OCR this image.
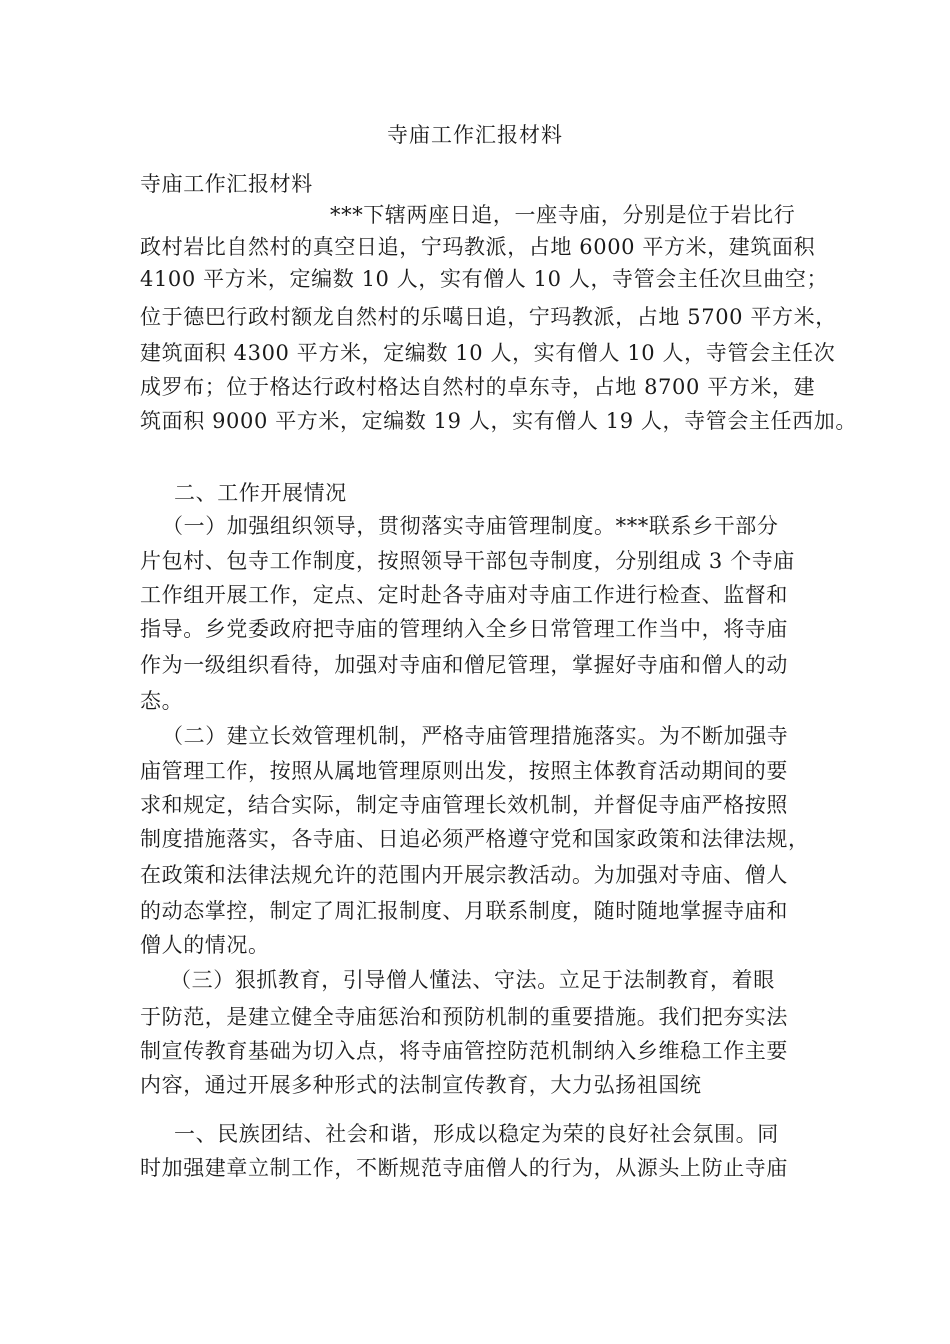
寺庙工作汇报材料
寺庙工作汇报材料
***下辖两座日追，一座寺庙，分别是位于岩比行
政村岩比自然村的真空日追，宁玛教派，占地 6000 平方米，建筑面积
4100 平方米，定编数 10 人，实有僧人 10 人，寺管会主任次旦曲空；
位于德巴行政村额龙自然村的乐噶日追，宁玛教派，占地 5700 平方米，
建筑面积 4300 平方米，定编数 10 人，实有僧人 10 人，寺管会主任次
成罗布；位于格达行政村格达自然村的卓东寺，占地 8700 平方米，建
筑面积 9000 平方米，定编数 19 人，实有僧人 19 人，寺管会主任西加。
二、工作开展情况
（一）加强组织领导，贯彻落实寺庙管理制度。***联系乡干部分
片包村、包寺工作制度，按照领导干部包寺制度，分别组成 3 个寺庙
工作组开展工作，定点、定时赴各寺庙对寺庙工作进行检查、监督和
指导。乡党委政府把寺庙的管理纳入全乡日常管理工作当中，将寺庙
作为一级组织看待，加强对寺庙和僧尼管理，掌握好寺庙和僧人的动
态。
（二）建立长效管理机制，严格寺庙管理措施落实。为不断加强寺
庙管理工作，按照从属地管理原则出发，按照主体教育活动期间的要
求和规定，结合实际，制定寺庙管理长效机制，并督促寺庙严格按照
制度措施落实，各寺庙、日追必须严格遵守党和国家政策和法律法规，
在政策和法律法规允许的范围内开展宗教活动。为加强对寺庙、僧人
的动态掌控，制定了周汇报制度、月联系制度，随时随地掌握寺庙和
僧人的情况。
（三）狠抓教育，引导僧人懂法、守法。立足于法制教育，着眼
于防范，是建立健全寺庙惩治和预防机制的重要措施。我们把夯实法
制宣传教育基础为切入点，将寺庙管控防范机制纳入乡维稳工作主要
内容，通过开展多种形式的法制宣传教育，大力弘扬祖国统
一、民族团结、社会和谐，形成以稳定为荣的良好社会氛围。同
时加强建章立制工作，不断规范寺庙僧人的行为，从源头上防止寺庙
